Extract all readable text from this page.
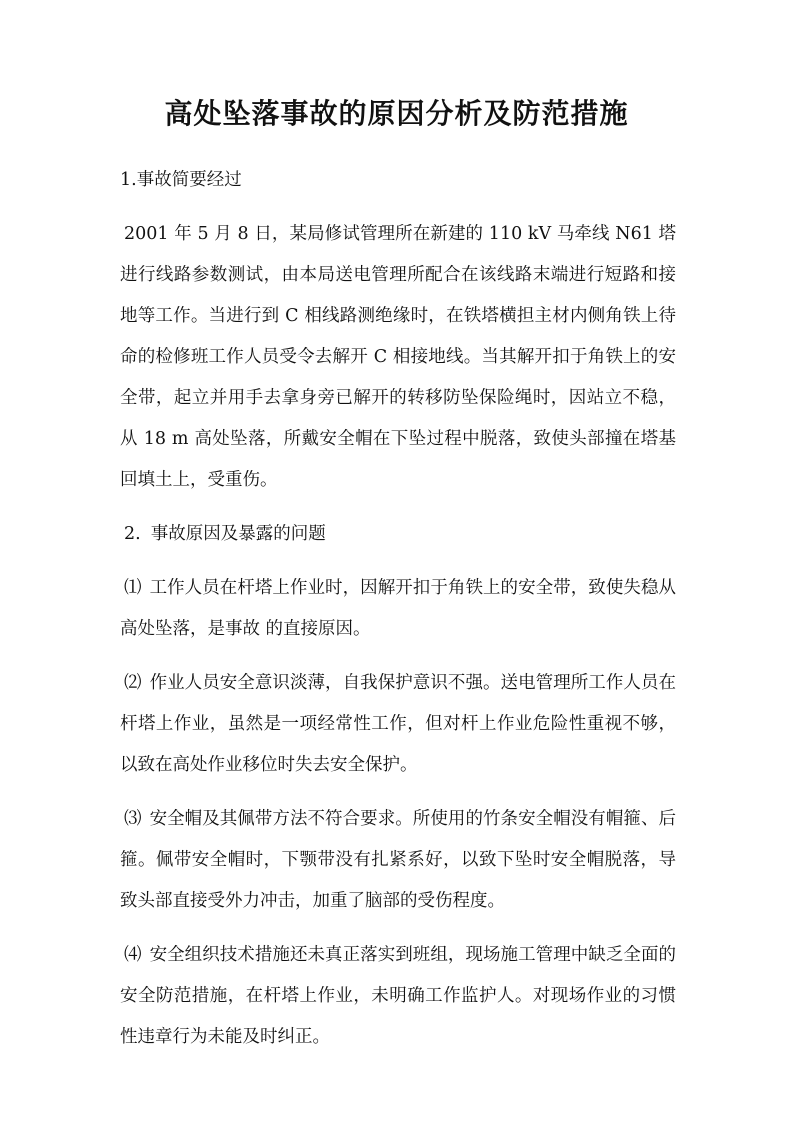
高处坠落事故的原因分析及防范措施

1.事故简要经过

2001 年 5 月 8 日，某局修试管理所在新建的 110 kV 马牵线 N61 塔进行线路参数测试，由本局送电管理所配合在该线路末端进行短路和接地等工作。当进行到 C 相线路测绝缘时，在铁塔横担主材内侧角铁上待命的检修班工作人员受令去解开 C 相接地线。当其解开扣于角铁上的安全带，起立并用手去拿身旁已解开的转移防坠保险绳时，因站立不稳，从 18 m 高处坠落，所戴安全帽在下坠过程中脱落，致使头部撞在塔基回填土上，受重伤。

2. 事故原因及暴露的问题

⑴ 工作人员在杆塔上作业时，因解开扣于角铁上的安全带，致使失稳从高处坠落，是事故 的直接原因。

⑵ 作业人员安全意识淡薄，自我保护意识不强。送电管理所工作人员在杆塔上作业，虽然是一项经常性工作，但对杆上作业危险性重视不够，以致在高处作业移位时失去安全保护。

⑶ 安全帽及其佩带方法不符合要求。所使用的竹条安全帽没有帽箍、后箍。佩带安全帽时，下颚带没有扎紧系好，以致下坠时安全帽脱落，导致头部直接受外力冲击，加重了脑部的受伤程度。

⑷ 安全组织技术措施还未真正落实到班组，现场施工管理中缺乏全面的安全防范措施，在杆塔上作业，未明确工作监护人。对现场作业的习惯性违章行为未能及时纠正。
